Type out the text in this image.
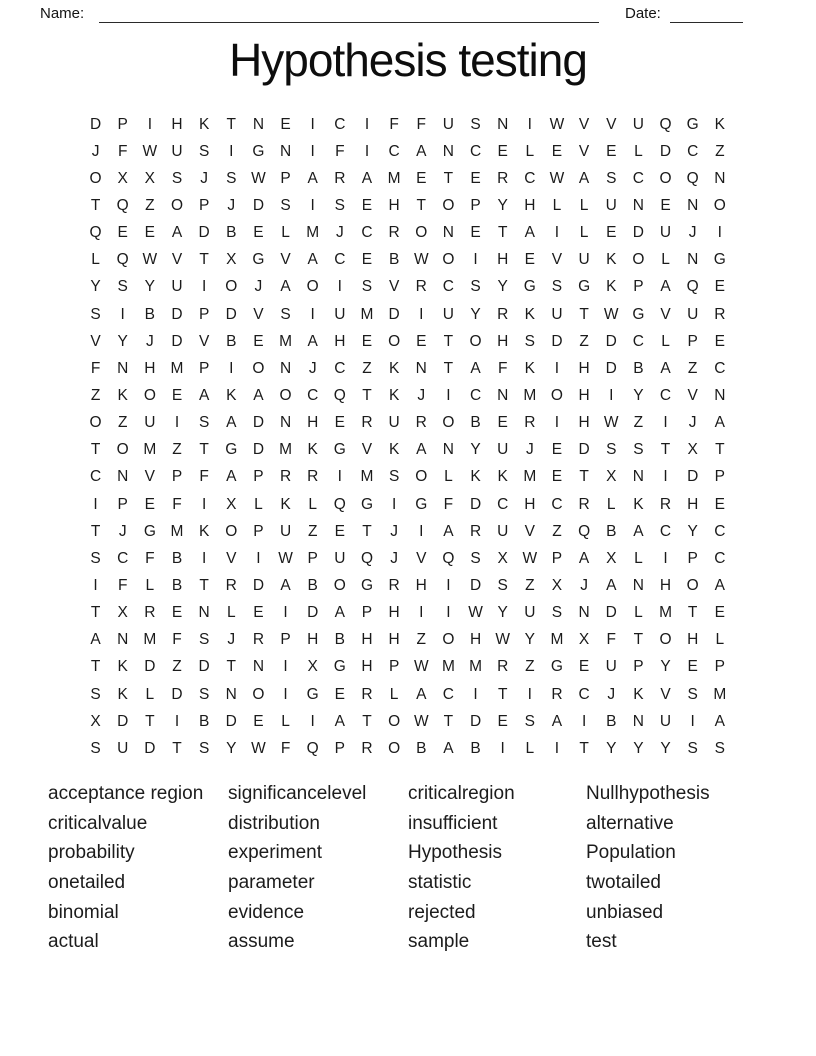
Name:	Date:
Hypothesis testing
D	P	I	H	K	T	N	E	I	C	I	F	F	U	S	N	I	W V	V	U	Q G	K
J	F W U	S	I	G	N	I	F	I	C	A	N	C	E	L	E	V	E	L	D	C	Z
O	X	X	S	J	S W P	A	R	A	M	E	T	E	R	C W A	S	C	O Q	N
T	Q	Z	O	P	J	D	S	I	S	E	H	T	O	P	Y	H	L	L	U	N	E	N	O
Q	E	E	A	D	B	E	L	M	J	C	R	O	N	E	T	A	I	L	E	D	U	J	I
L	Q W V	T	X	G	V	A	C	E	B W O	I	H	E	V	U	K	O	L	N	G
Y	S	Y	U	I	O	J	A	O	I	S	V	R	C	S	Y	G	S	G	K	P	A	Q	E
S	I	B	D	P	D	V	S	I	U M D	I	U	Y	R	K	U	T W G	V	U	R
V	Y	J	D	V	B	E	M	A	H	E	O	E	T	O	H	S	D	Z	D	C	L	P	E
F	N	H M	P	I	O	N	J	C	Z	K	N	T	A	F	K	I	H	D	B	A	Z	C
Z	K	O	E	A	K	A	O	C	Q	T	K	J	I	C	N M O	H	I	Y	C	V	N
O	Z	U	I	S	A	D	N	H	E	R	U	R	O	B	E	R	I	H W Z	I	J	A
T	O M	Z	T	G	D M	K	G	V	K	A	N	Y	U	J	E	D	S	S	T	X	T
C	N	V	P	F	A	P	R	R	I	M	S	O	L	K	K	M	E	T	X	N	I	D	P
I	P	E	F	I	X	L	K	L	Q G	I	G	F	D	C	H	C	R	L	K	R	H	E
T	J	G M	K	O	P	U	Z	E	T	J	I	A	R	U	V	Z	Q	B	A	C	Y	C
S	C	F	B	I	V	I	W P	U	Q	J	V	Q	S	X W P	A	X	L	I	P	C
I	F	L	B	T	R	D	A	B	O G	R	H	I	D	S	Z	X	J	A	N	H	O	A
T	X	R	E	N	L	E	I	D	A	P	H	I	I	W Y	U	S	N	D	L	M	T	E
A	N M	F	S	J	R	P	H	B	H	H	Z	O	H W Y	M	X	F	T	O	H	L
T	K	D	Z	D	T	N	I	X	G	H	P W M M R	Z	G	E	U	P	Y	E	P
S	K	L	D	S	N	O	I	G	E	R	L	A	C	I	T	I	R	C	J	K	V	S	M
X	D	T	I	B	D	E	L	I	A	T	O W T	D	E	S	A	I	B	N	U	I	A
S	U	D	T	S	Y W F	Q	P	R	O	B	A	B	I	L	I	T	Y	Y	Y	S	S
acceptance region
criticalvalue
probability
onetailed
binomial
actual
significancelevel
distribution
experiment
parameter
evidence
assume
criticalregion
insufficient
Hypothesis
statistic
rejected
sample
Nullhypothesis
alternative
Population
twotailed
unbiased
test
